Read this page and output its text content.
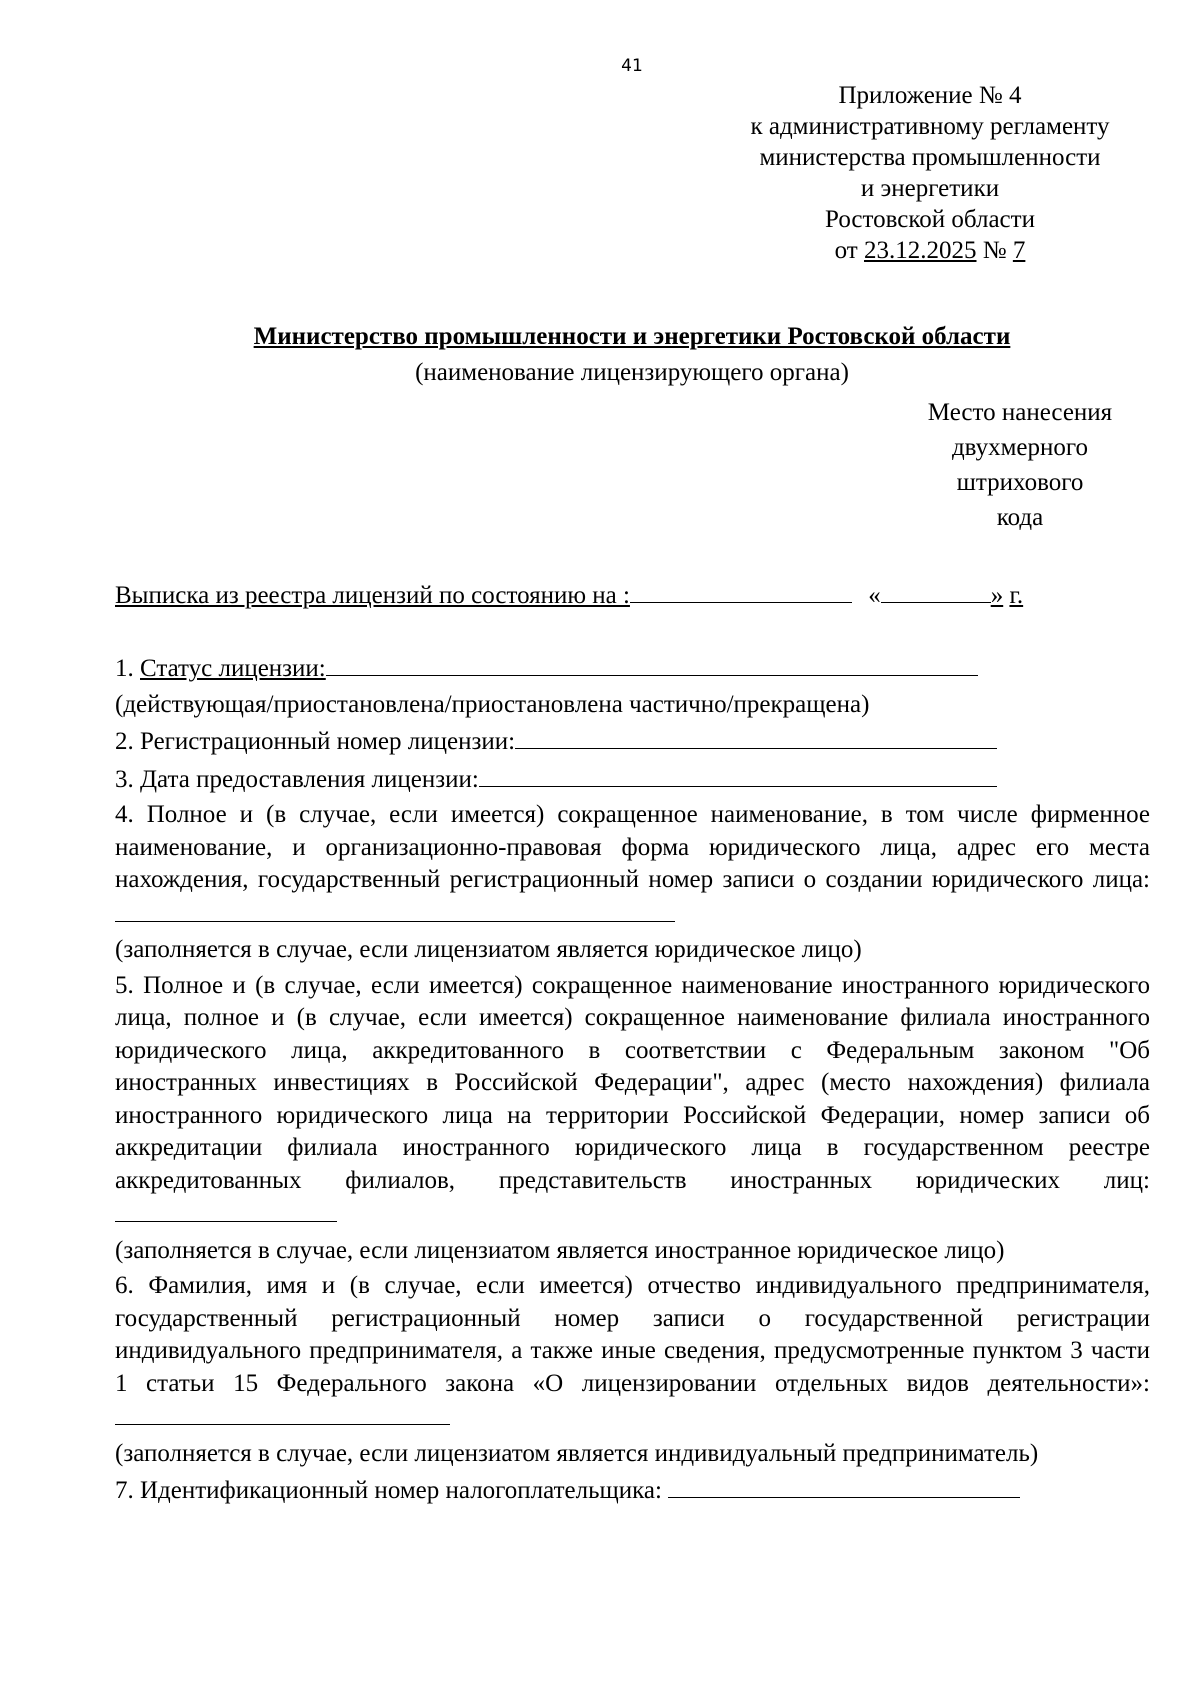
41
Приложение № 4
к административному регламенту
министерства промышленности
и энергетики
Ростовской области
от 23.12.2025 № 7
Министерство промышленности и энергетики Ростовской области
(наименование лицензирующего органа)
Место нанесения
двухмерного
штрихового
кода
Выписка из реестра лицензий по состоянию на :	«	» г.

1. Статус лицензии:

(действующая/приостановлена/приостановлена частично/прекращена)

2. Регистрационный номер лицензии:

3. Дата предоставления лицензии:

4. Полное и (в случае, если имеется) сокращенное наименование, в том числе фирменное наименование, и организационно-правовая форма юридического лица, адрес его места нахождения, государственный регистрационный номер записи о создании юридического лица:

(заполняется в случае, если лицензиатом является юридическое лицо)

5. Полное и (в случае, если имеется) сокращенное наименование иностранного юридического лица, полное и (в случае, если имеется) сокращенное наименование филиала иностранного юридического лица, аккредитованного в соответствии с Федеральным законом "Об иностранных инвестициях в Российской Федерации", адрес (место нахождения) филиала иностранного юридического лица на территории Российской Федерации, номер записи об аккредитации филиала иностранного юридического лица в государственном реестре аккредитованных филиалов, представительств иностранных юридических лиц:

(заполняется в случае, если лицензиатом является иностранное юридическое лицо)

6. Фамилия, имя и (в случае, если имеется) отчество индивидуального предпринимателя, государственный регистрационный номер записи о государственной регистрации индивидуального предпринимателя, а также иные сведения, предусмотренные пунктом 3 части 1 статьи 15 Федерального закона «О лицензировании отдельных видов деятельности»:

(заполняется в случае, если лицензиатом является индивидуальный предприниматель)

7. Идентификационный номер налогоплательщика:
